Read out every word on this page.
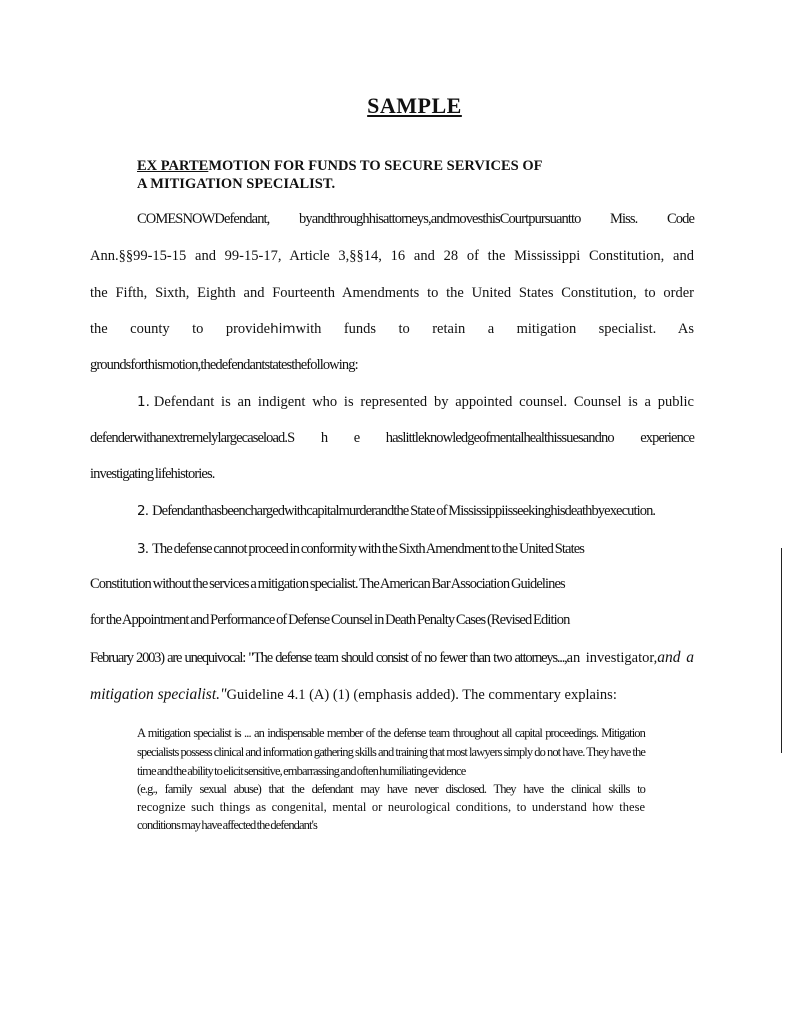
SAMPLE
EX PARTEMOTION FOR FUNDS TO SECURE SERVICES OF
A MITIGATION SPECIALIST.
COMESNOWDefendant, byandthroughhisattorneys,andmovesthisCourtpursuantto Miss. Code
Ann.§§99-15-15 and 99-15-17, Article 3,§§14, 16 and 28 of the Mississippi Constitution, and
the Fifth, Sixth, Eighth and Fourteenth Amendments to the United States Constitution, to order
the county to providehimwith funds to retain a mitigation specialist. As
groundsforthismotion,thedefendantstatesthefollowing:
1. Defendant is an indigent who is represented by appointed counsel. Counsel is a public
defenderwithanextremelylargecaseload.S h e haslittleknowledgeofmentalhealthissuesandno experience
investigating lifehistories.
2. Defendanthasbeenchargedwithcapitalmurderandthe State of Mississippiisseekinghisdeathbyexecution.
3. The defense cannot proceed in conformity with the Sixth Amendment to the United States
Constitution without the services a mitigation specialist. The American Bar Association Guidelines
for the Appointment and Performance of Defense Counsel in Death Penalty Cases (Revised Edition
February 2003) are unequivocal: "The defense team should consist of no fewer than two attorneys...,an investigator,and a
mitigation specialist."Guideline 4.1 (A) (1) (emphasis added). The commentary explains:
A mitigation specialist is ... an indispensable member of the defense team throughout all capital proceedings. Mitigation
specialists possess clinical and information gathering skills and training that most lawyers simply do not have. They have the
time and the ability to elicit sensitive, embarrassing and often humiliating evidence
(e.g., family sexual abuse) that the defendant may have never disclosed. They have the clinical skills to
recognize such things as congenital, mental or neurological conditions, to understand how these
conditions may have affected the defendant's
